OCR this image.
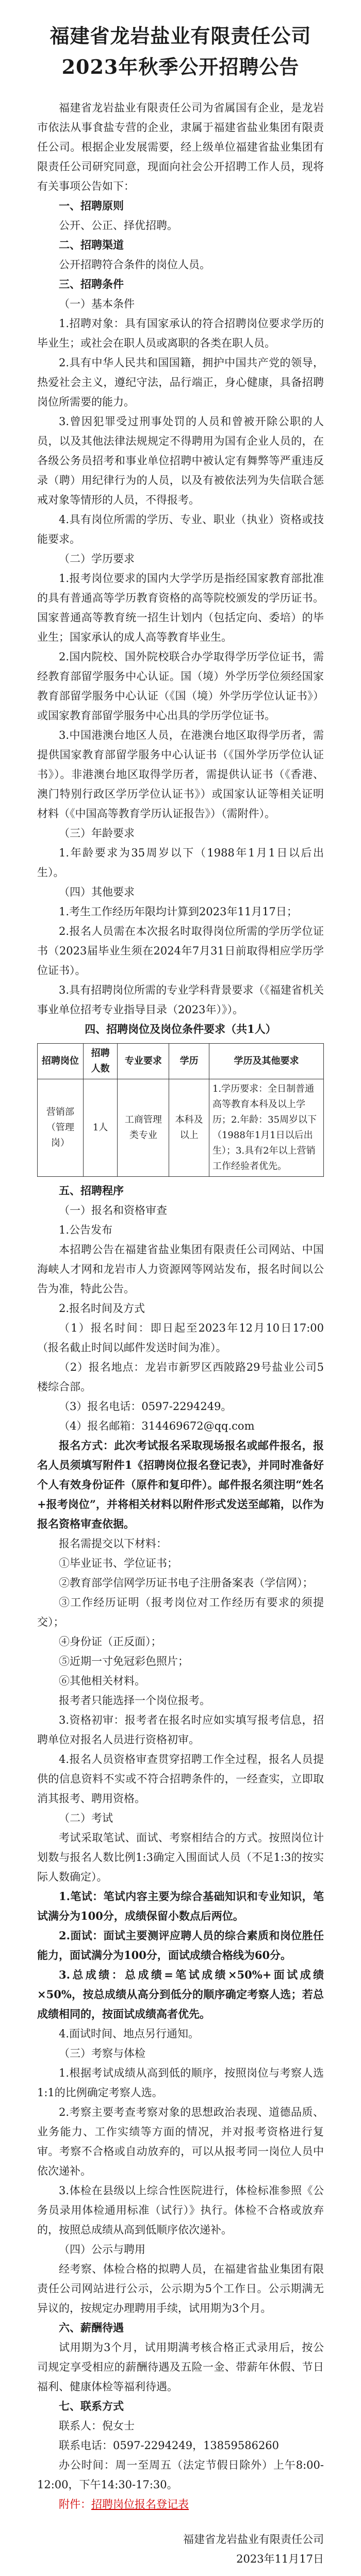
福建省龙岩盐业有限责任公司
2023年秋季公开招聘公告

福建省龙岩盐业有限责任公司为省属国有企业，是龙岩市依法从事食盐专营的企业，隶属于福建省盐业集团有限责任公司。根据企业发展需要，经上级单位福建省盐业集团有限责任公司研究同意，现面向社会公开招聘工作人员，现将有关事项公告如下：

一、招聘原则

公开、公正、择优招聘。

二、招聘渠道

公开招聘符合条件的岗位人员。

三、招聘条件

（一）基本条件

1.招聘对象：具有国家承认的符合招聘岗位要求学历的毕业生；或社会在职人员或离职的各类在职人员。

2.具有中华人民共和国国籍，拥护中国共产党的领导，热爱社会主义，遵纪守法，品行端正，身心健康，具备招聘岗位所需要的能力。

3.曾因犯罪受过刑事处罚的人员和曾被开除公职的人员，以及其他法律法规规定不得聘用为国有企业人员的，在各级公务员招考和事业单位招聘中被认定有舞弊等严重违反录（聘）用纪律行为的人员，以及有被依法列为失信联合惩戒对象等情形的人员，不得报考。

4.具有岗位所需的学历、专业、职业（执业）资格或技能要求。

（二）学历要求

1.报考岗位要求的国内大学学历是指经国家教育部批准的具有普通高等学历教育资格的高等院校颁发的学历证书。国家普通高等教育统一招生计划内（包括定向、委培）的毕业生；国家承认的成人高等教育毕业生。

2.国内院校、国外院校联合办学取得学历学位证书，需经教育部留学服务中心认证。国（境）外学历学位须经国家教育部留学服务中心认证（《国（境）外学历学位认证书》）或国家教育部留学服务中心出具的学历学位证书。

3.中国港澳台地区人员，在港澳台地区取得学历者，需提供国家教育部留学服务中心认证书（《国外学历学位认证书》）。非港澳台地区取得学历者，需提供认证书（《香港、澳门特别行政区学历学位认证书》）或国家认证等相关证明材料（《中国高等教育学历认证报告》）（需附件）。

（三）年龄要求

1.年龄要求为35周岁以下（1988年1月1日以后出生）。

（四）其他要求

1.考生工作经历年限均计算到2023年11月17日；

2.报名人员需在本次报名时取得岗位所需的学历学位证书（2023届毕业生须在2024年7月31日前取得相应学历学位证书）。

3.具有招聘岗位所需的专业学科背景要求（《福建省机关事业单位招考专业指导目录（2023年）》）。

四、招聘岗位及岗位条件要求（共1人）

招聘岗位	招聘人数	专业要求	学历	学历及其他要求
营销部（管理岗）	1人	工商管理类专业	本科及以上	1.学历要求：全日制普通高等教育本科及以上学历；2.年龄：35周岁以下（1988年1月1日以后出生）；3.具有2年以上营销工作经验者优先。

五、招聘程序

（一）报名和资格审查

1.公告发布

本招聘公告在福建省盐业集团有限责任公司网站、中国海峡人才网和龙岩市人力资源网等网站发布，报名时间以公告为准，特此公告。

2.报名时间及方式

（1）报名时间：即日起至2023年12月10日17:00（报名截止时间以邮件发送时间为准）。

（2）报名地点：龙岩市新罗区西陂路29号盐业公司5楼综合部。

（3）报名电话：0597-2294249。

（4）报名邮箱：314469672@qq.com

报名方式：此次考试报名采取现场报名或邮件报名，报名人员须填写附件1《招聘岗位报名登记表》，并同时准备好个人有效身份证件（原件和复印件）。邮件报名须注明“姓名+报考岗位”，并将相关材料以附件形式发送至邮箱，以作为报名资格审查依据。

报名需提交以下材料：

①毕业证书、学位证书；

②教育部学信网学历证书电子注册备案表（学信网）；

③工作经历证明（报考岗位对工作经历有要求的须提交）；

④身份证（正反面）；

⑤近期一寸免冠彩色照片；

⑥其他相关材料。

报考者只能选择一个岗位报考。

3.资格初审：报考者在报名时应如实填写报考信息，招聘单位对报名人员进行资格初审。

4.报名人员资格审查贯穿招聘工作全过程，报名人员提供的信息资料不实或不符合招聘条件的，一经查实，立即取消其报考、聘用资格。

（二）考试

考试采取笔试、面试、考察相结合的方式。按照岗位计划数与报名人数比例1:3确定入围面试人员（不足1:3的按实际人数确定）。

1.笔试：笔试内容主要为综合基础知识和专业知识，笔试满分为100分，成绩保留小数点后两位。

2.面试：面试主要测评应聘人员的综合素质和岗位胜任能力，面试满分为100分，面试成绩合格线为60分。

3.总成绩：总成绩=笔试成绩×50%+面试成绩×50%，按总成绩从高分到低分的顺序确定考察人选；若总成绩相同的，按面试成绩高者优先。

4.面试时间、地点另行通知。

（三）考察与体检

1.根据考试成绩从高到低的顺序，按照岗位与考察人选1:1的比例确定考察人选。

2.考察主要考查考察对象的思想政治表现、道德品质、业务能力、工作实绩等方面的情况，并对报考资格进行复审。考察不合格或自动放弃的，可以从报考同一岗位人员中依次递补。

3.体检在县级以上综合性医院进行，体检标准参照《公务员录用体检通用标准（试行）》执行。体检不合格或放弃的，按照总成绩从高到低顺序依次递补。

（四）公示与聘用

经考察、体检合格的拟聘人员，在福建省盐业集团有限责任公司网站进行公示，公示期为5个工作日。公示期满无异议的，按规定办理聘用手续，试用期为3个月。

六、薪酬待遇

试用期为3个月，试用期满考核合格正式录用后，按公司规定享受相应的薪酬待遇及五险一金、带薪年休假、节日福利、健康体检等福利待遇。

七、联系方式

联系人：倪女士

联系电话：0597-2294249，13859586260

办公时间：周一至周五（法定节假日除外）上午8:00-12:00，下午14:30-17:30。

附件：招聘岗位报名登记表

福建省龙岩盐业有限责任公司

2023年11月17日
